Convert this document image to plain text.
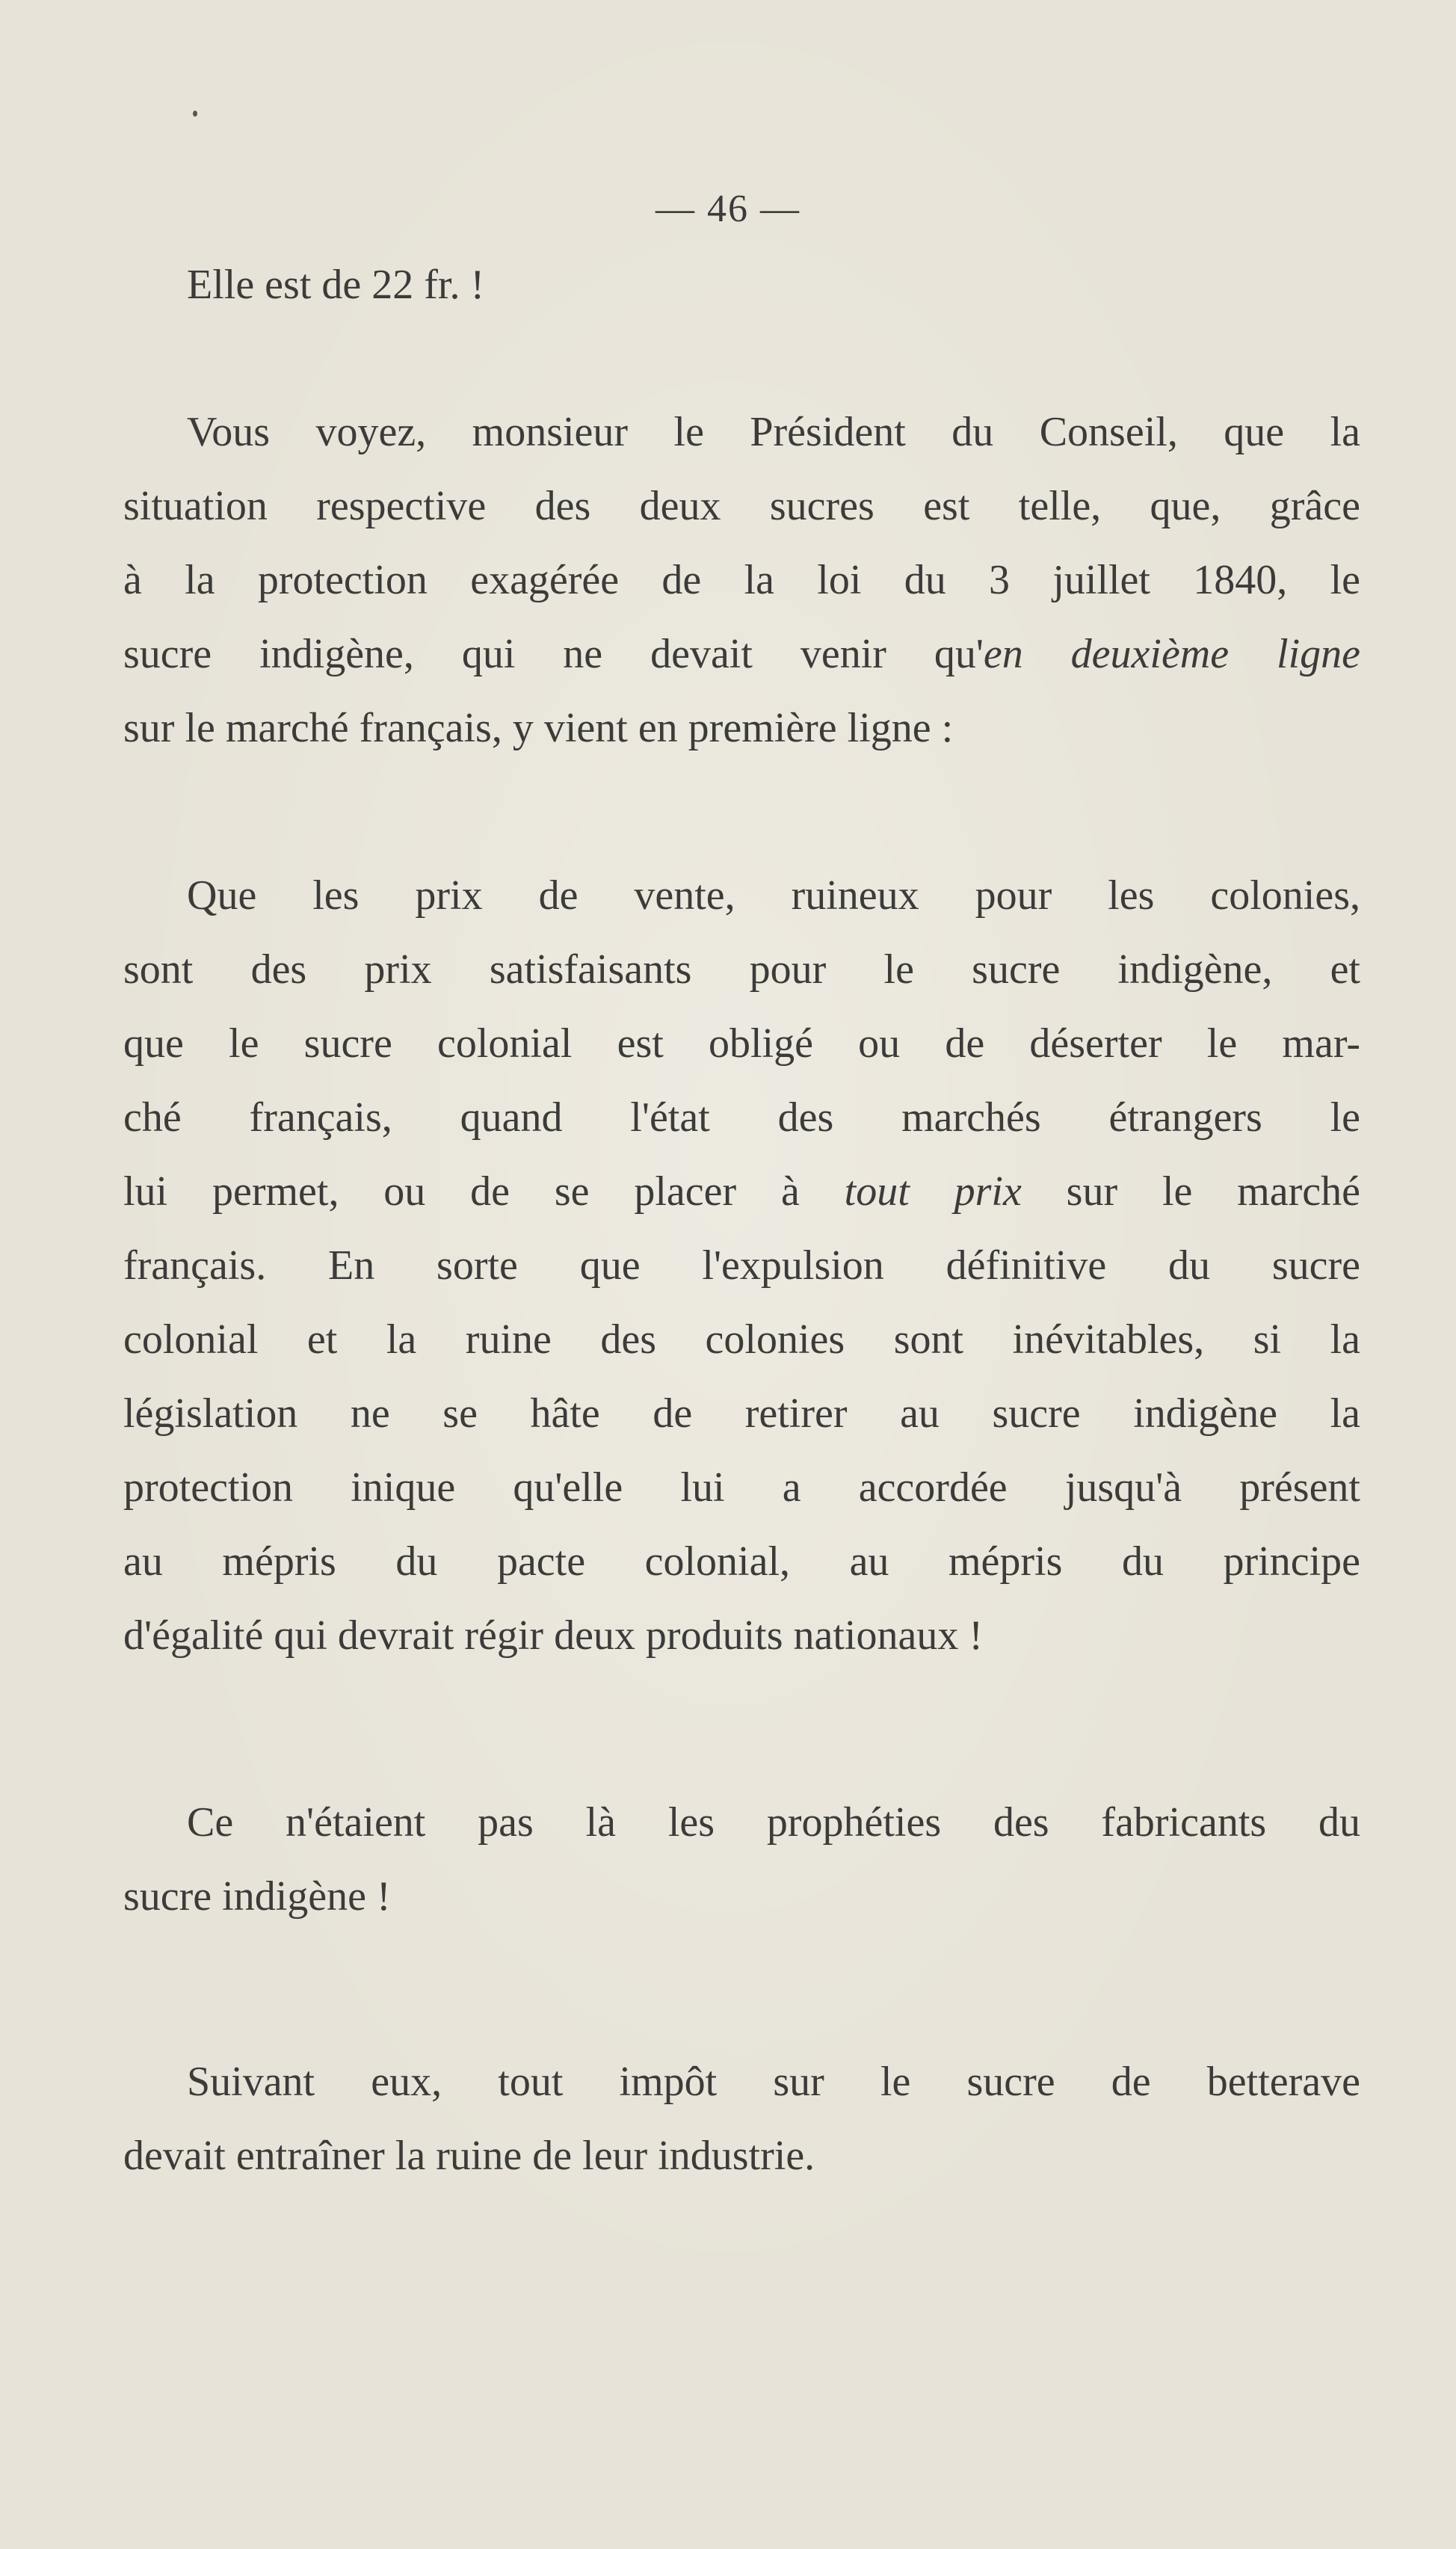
— 46 —
Elle est de 22 fr. !
Vous voyez, monsieur le Président du Conseil, que la
situation respective des deux sucres est telle, que, grâce
à la protection exagérée de la loi du 3 juillet 1840, le
sucre indigène, qui ne devait venir qu'en deuxième ligne
sur le marché français, y vient en première ligne :
Que les prix de vente, ruineux pour les colonies,
sont des prix satisfaisants pour le sucre indigène, et
que le sucre colonial est obligé ou de déserter le mar-
ché français, quand l'état des marchés étrangers le
lui permet, ou de se placer à tout prix sur le marché
français. En sorte que l'expulsion définitive du sucre
colonial et la ruine des colonies sont inévitables, si la
législation ne se hâte de retirer au sucre indigène la
protection inique qu'elle lui a accordée jusqu'à présent
au mépris du pacte colonial, au mépris du principe
d'égalité qui devrait régir deux produits nationaux !
Ce n'étaient pas là les prophéties des fabricants du
sucre indigène !
Suivant eux, tout impôt sur le sucre de betterave
devait entraîner la ruine de leur industrie.
